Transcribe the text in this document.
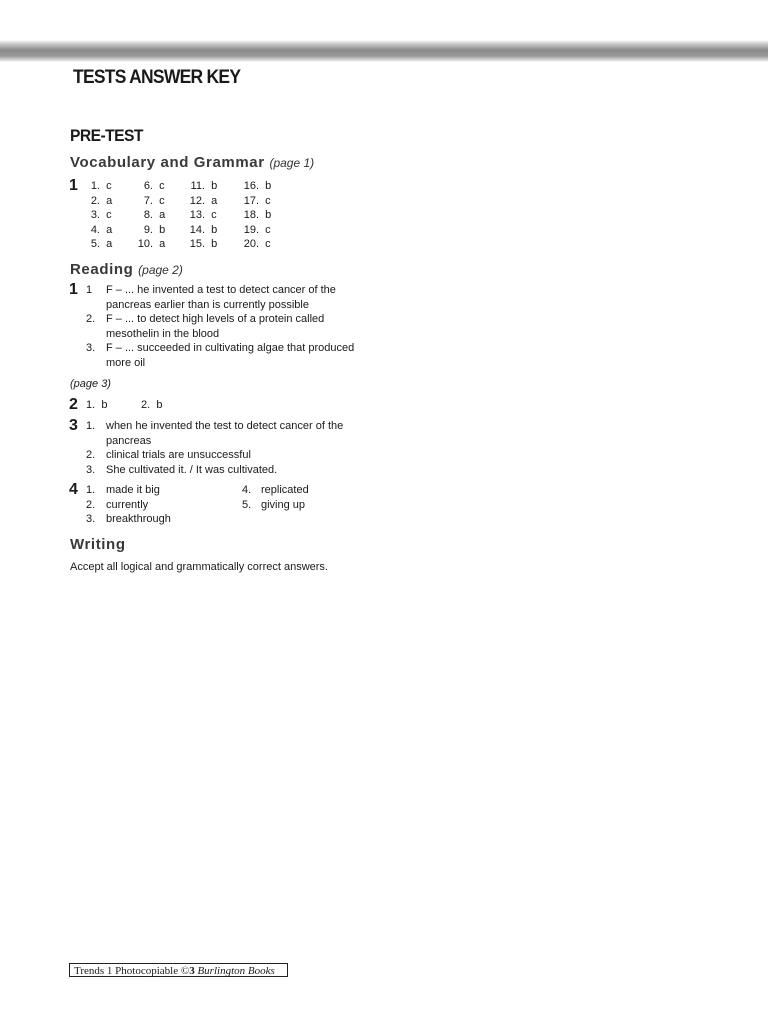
TESTS ANSWER KEY
PRE-TEST
Vocabulary and Grammar (page 1)
1	1. c
2. a
3. c
4. a
5. a
6. c
7. c
8. a
9. b
10. a
11. b
12. a
13. c
14. b
15. b
16. b
17. c
18. b
19. c
20. c
Reading (page 2)
1 1 F – ... he invented a test to detect cancer of the
pancreas earlier than is currently possible
2. F – ... to detect high levels of a protein called
mesothelin in the blood
3. F – ... succeeded in cultivating algae that produced
more oil
(page 3)
2 1. b	2. b
3 1. when he invented the test to detect cancer of the
pancreas
2. clinical trials are unsuccessful
3. She cultivated it. / It was cultivated.
4 1. made it big
2. currently
3. breakthrough
4. replicated
5. giving up
Writing
Accept all logical and grammatically correct answers.
Trends 1 Photocopiable ©3 Burlington Books
